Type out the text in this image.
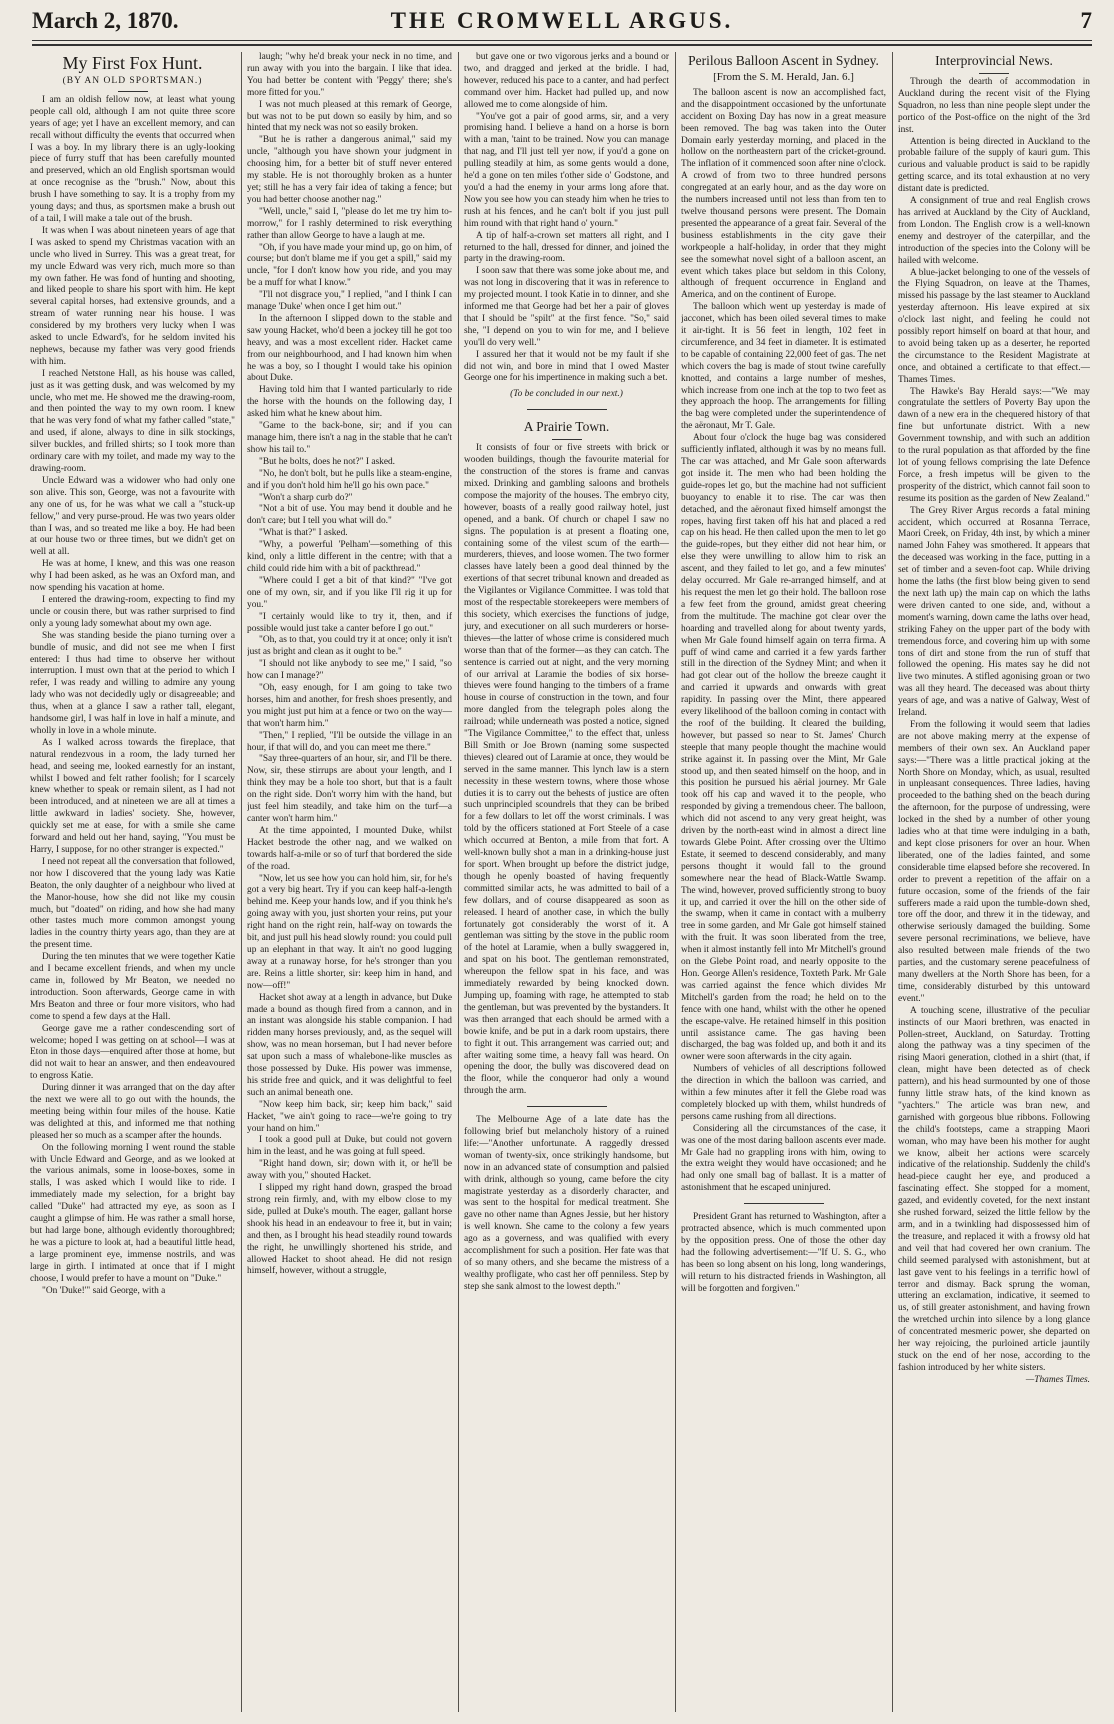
March 2, 1870.	THE CROMWELL ARGUS.	7
My First Fox Hunt.

(BY AN OLD SPORTSMAN.)

I am an oldish fellow now, at least what young people call old, although I am not quite three score years of age; yet I have an excellent memory, and can recall without difficulty the events that occurred when I was a boy. In my library there is an ugly-looking piece of furry stuff that has been carefully mounted and preserved, which an old English sportsman would at once recognise as the "brush." Now, about this brush I have something to say. It is a trophy from my young days; and thus, as sportsmen make a brush out of a tail, I will make a tale out of the brush.

It was when I was about nineteen years of age that I was asked to spend my Christmas vacation with an uncle who lived in Surrey. This was a great treat, for my uncle Edward was very rich, much more so than my own father. He was fond of hunting and shooting, and liked people to share his sport with him. He kept several capital horses, had extensive grounds, and a stream of water running near his house. I was considered by my brothers very lucky when I was asked to uncle Edward's, for he seldom invited his nephews, because my father was very good friends with him.

I reached Netstone Hall, as his house was called, just as it was getting dusk, and was welcomed by my uncle, who met me. He showed me the drawing-room, and then pointed the way to my own room. I knew that he was very fond of what my father called "state," and used, if alone, always to dine in silk stockings, silver buckles, and frilled shirts; so I took more than ordinary care with my toilet, and made my way to the drawing-room.

Uncle Edward was a widower who had only one son alive. This son, George, was not a favourite with any one of us, for he was what we call a "stuck-up fellow," and very purse-proud. He was two years older than I was, and so treated me like a boy. He had been at our house two or three times, but we didn't get on well at all.

He was at home, I knew, and this was one reason why I had been asked, as he was an Oxford man, and now spending his vacation at home.

I entered the drawing-room, expecting to find my uncle or cousin there, but was rather surprised to find only a young lady somewhat about my own age.

She was standing beside the piano turning over a bundle of music, and did not see me when I first entered: I thus had time to observe her without interruption. I must own that at the period to which I refer, I was ready and willing to admire any young lady who was not decidedly ugly or disagreeable; and thus, when at a glance I saw a rather tall, elegant, handsome girl, I was half in love in half a minute, and wholly in love in a whole minute.

As I walked across towards the fireplace, that natural rendezvous in a room, the lady turned her head, and seeing me, looked earnestly for an instant, whilst I bowed and felt rather foolish; for I scarcely knew whether to speak or remain silent, as I had not been introduced, and at nineteen we are all at times a little awkward in ladies' society. She, however, quickly set me at ease, for with a smile she came forward and held out her hand, saying, "You must be Harry, I suppose, for no other stranger is expected."

I need not repeat all the conversation that followed, nor how I discovered that the young lady was Katie Beaton, the only daughter of a neighbour who lived at the Manor-house, how she did not like my cousin much, but "doated" on riding, and how she had many other tastes much more common amongst young ladies in the country thirty years ago, than they are at the present time.

During the ten minutes that we were together Katie and I became excellent friends, and when my uncle came in, followed by Mr Beaton, we needed no introduction. Soon afterwards, George came in with Mrs Beaton and three or four more visitors, who had come to spend a few days at the Hall.

George gave me a rather condescending sort of welcome; hoped I was getting on at school—I was at Eton in those days—enquired after those at home, but did not wait to hear an answer, and then endeavoured to engross Katie.

During dinner it was arranged that on the day after the next we were all to go out with the hounds, the meeting being within four miles of the house. Katie was delighted at this, and informed me that nothing pleased her so much as a scamper after the hounds.

On the following morning I went round the stable with Uncle Edward and George, and as we looked at the various animals, some in loose-boxes, some in stalls, I was asked which I would like to ride. I immediately made my selection, for a bright bay called "Duke" had attracted my eye, as soon as I caught a glimpse of him. He was rather a small horse, but had large bone, although evidently thoroughbred; he was a picture to look at, had a beautiful little head, a large prominent eye, immense nostrils, and was large in girth. I intimated at once that if I might choose, I would prefer to have a mount on "Duke."

"On 'Duke!'" said George, with a

laugh; "why he'd break your neck in no time, and run away with you into the bargain. I like that idea. You had better be content with 'Peggy' there; she's more fitted for you."

I was not much pleased at this remark of George, but was not to be put down so easily by him, and so hinted that my neck was not so easily broken.

"But he is rather a dangerous animal," said my uncle, "although you have shown your judgment in choosing him, for a better bit of stuff never entered my stable. He is not thoroughly broken as a hunter yet; still he has a very fair idea of taking a fence; but you had better choose another nag."

"Well, uncle," said I, "please do let me try him to-morrow," for I rashly determined to risk everything rather than allow George to have a laugh at me.

"Oh, if you have made your mind up, go on him, of course; but don't blame me if you get a spill," said my uncle, "for I don't know how you ride, and you may be a muff for what I know."

"I'll not disgrace you," I replied, "and I think I can manage 'Duke' when once I get him out."

In the afternoon I slipped down to the stable and saw young Hacket, who'd been a jockey till he got too heavy, and was a most excellent rider. Hacket came from our neighbourhood, and I had known him when he was a boy, so I thought I would take his opinion about Duke.

Having told him that I wanted particularly to ride the horse with the hounds on the following day, I asked him what he knew about him.

"Game to the back-bone, sir; and if you can manage him, there isn't a nag in the stable that he can't show his tail to."

"But he bolts, does he not?" I asked.

"No, he don't bolt, but he pulls like a steam-engine, and if you don't hold him he'll go his own pace."

"Won't a sharp curb do?"

"Not a bit of use. You may bend it double and he don't care; but I tell you what will do."

"What is that?" I asked.

"Why, a powerful 'Pelham'—something of this kind, only a little different in the centre; with that a child could ride him with a bit of packthread."

"Where could I get a bit of that kind?" "I've got one of my own, sir, and if you like I'll rig it up for you."

"I certainly would like to try it, then, and if possible would just take a canter before I go out."

"Oh, as to that, you could try it at once; only it isn't just as bright and clean as it ought to be."

"I should not like anybody to see me," I said, "so how can I manage?"

"Oh, easy enough, for I am going to take two horses, him and another, for fresh shoes presently, and you might just put him at a fence or two on the way—that won't harm him."

"Then," I replied, "I'll be outside the village in an hour, if that will do, and you can meet me there."

"Say three-quarters of an hour, sir, and I'll be there. Now, sir, these stirrups are about your length, and I think they may be a hole too short, but that is a fault on the right side. Don't worry him with the hand, but just feel him steadily, and take him on the turf—a canter won't harm him."

At the time appointed, I mounted Duke, whilst Hacket bestrode the other nag, and we walked on towards half-a-mile or so of turf that bordered the side of the road.

"Now, let us see how you can hold him, sir, for he's got a very big heart. Try if you can keep half-a-length behind me. Keep your hands low, and if you think he's going away with you, just shorten your reins, put your right hand on the right rein, half-way on towards the bit, and just pull his head slowly round: you could pull up an elephant in that way. It ain't no good lugging away at a runaway horse, for he's stronger than you are. Reins a little shorter, sir: keep him in hand, and now—off!"

Hacket shot away at a length in advance, but Duke made a bound as though fired from a cannon, and in an instant was alongside his stable companion. I had ridden many horses previously, and, as the sequel will show, was no mean horseman, but I had never before sat upon such a mass of whalebone-like muscles as those possessed by Duke. His power was immense, his stride free and quick, and it was delightful to feel such an animal beneath one.

"Now keep him back, sir; keep him back," said Hacket, "we ain't going to race—we're going to try your hand on him."

I took a good pull at Duke, but could not govern him in the least, and he was going at full speed.

"Right hand down, sir; down with it, or he'll be away with you," shouted Hacket.

I slipped my right hand down, grasped the broad strong rein firmly, and, with my elbow close to my side, pulled at Duke's mouth. The eager, gallant horse shook his head in an endeavour to free it, but in vain; and then, as I brought his head steadily round towards the right, he unwillingly shortened his stride, and allowed Hacket to shoot ahead. He did not resign himself, however, without a struggle,

but gave one or two vigorous jerks and a bound or two, and dragged and jerked at the bridle. I had, however, reduced his pace to a canter, and had perfect command over him. Hacket had pulled up, and now allowed me to come alongside of him.

"You've got a pair of good arms, sir, and a very promising hand. I believe a hand on a horse is born with a man, 'taint to be trained. Now you can manage that nag, and I'll just tell yer now, if you'd a gone on pulling steadily at him, as some gents would a done, he'd a gone on ten miles t'other side o' Godstone, and you'd a had the enemy in your arms long afore that. Now you see how you can steady him when he tries to rush at his fences, and he can't bolt if you just pull him round with that right hand o' yourn."

A tip of half-a-crown set matters all right, and I returned to the hall, dressed for dinner, and joined the party in the drawing-room.

I soon saw that there was some joke about me, and was not long in discovering that it was in reference to my projected mount. I took Katie in to dinner, and she informed me that George had bet her a pair of gloves that I should be "spilt" at the first fence. "So," said she, "I depend on you to win for me, and I believe you'll do very well."

I assured her that it would not be my fault if she did not win, and bore in mind that I owed Master George one for his impertinence in making such a bet.

(To be concluded in our next.)

A Prairie Town.

It consists of four or five streets with brick or wooden buildings, though the favourite material for the construction of the stores is frame and canvas mixed. Drinking and gambling saloons and brothels compose the majority of the houses. The embryo city, however, boasts of a really good railway hotel, just opened, and a bank. Of church or chapel I saw no signs. The population is at present a floating one, containing some of the vilest scum of the earth—murderers, thieves, and loose women. The two former classes have lately been a good deal thinned by the exertions of that secret tribunal known and dreaded as the Vigilantes or Vigilance Committee. I was told that most of the respectable storekeepers were members of this society, which exercises the functions of judge, jury, and executioner on all such murderers or horse-thieves—the latter of whose crime is considered much worse than that of the former—as they can catch. The sentence is carried out at night, and the very morning of our arrival at Laramie the bodies of six horse-thieves were found hanging to the timbers of a frame house in course of construction in the town, and four more dangled from the telegraph poles along the railroad; while underneath was posted a notice, signed "The Vigilance Committee," to the effect that, unless Bill Smith or Joe Brown (naming some suspected thieves) cleared out of Laramie at once, they would be served in the same manner. This lynch law is a stern necessity in these western towns, where those whose duties it is to carry out the behests of justice are often such unprincipled scoundrels that they can be bribed for a few dollars to let off the worst criminals. I was told by the officers stationed at Fort Steele of a case which occurred at Benton, a mile from that fort. A well-known bully shot a man in a drinking-house just for sport. When brought up before the district judge, though he openly boasted of having frequently committed similar acts, he was admitted to bail of a few dollars, and of course disappeared as soon as released. I heard of another case, in which the bully fortunately got considerably the worst of it. A gentleman was sitting by the stove in the public room of the hotel at Laramie, when a bully swaggered in, and spat on his boot. The gentleman remonstrated, whereupon the fellow spat in his face, and was immediately rewarded by being knocked down. Jumping up, foaming with rage, he attempted to stab the gentleman, but was prevented by the bystanders. It was then arranged that each should be armed with a bowie knife, and be put in a dark room upstairs, there to fight it out. This arrangement was carried out; and after waiting some time, a heavy fall was heard. On opening the door, the bully was discovered dead on the floor, while the conqueror had only a wound through the arm.

The Melbourne Age of a late date has the following brief but melancholy history of a ruined life:—"Another unfortunate. A raggedly dressed woman of twenty-six, once strikingly handsome, but now in an advanced state of consumption and palsied with drink, although so young, came before the city magistrate yesterday as a disorderly character, and was sent to the hospital for medical treatment. She gave no other name than Agnes Jessie, but her history is well known. She came to the colony a few years ago as a governess, and was qualified with every accomplishment for such a position. Her fate was that of so many others, and she became the mistress of a wealthy profligate, who cast her off penniless. Step by step she sank almost to the lowest depth."

Perilous Balloon Ascent in Sydney.

[From the S. M. Herald, Jan. 6.]

The balloon ascent is now an accomplished fact, and the disappointment occasioned by the unfortunate accident on Boxing Day has now in a great measure been removed. The bag was taken into the Outer Domain early yesterday morning, and placed in the hollow on the northeastern part of the cricket-ground. The inflation of it commenced soon after nine o'clock. A crowd of from two to three hundred persons congregated at an early hour, and as the day wore on the numbers increased until not less than from ten to twelve thousand persons were present. The Domain presented the appearance of a great fair. Several of the business establishments in the city gave their workpeople a half-holiday, in order that they might see the somewhat novel sight of a balloon ascent, an event which takes place but seldom in this Colony, although of frequent occurrence in England and America, and on the continent of Europe.

The balloon which went up yesterday is made of jacconet, which has been oiled several times to make it air-tight. It is 56 feet in length, 102 feet in circumference, and 34 feet in diameter. It is estimated to be capable of containing 22,000 feet of gas. The net which covers the bag is made of stout twine carefully knotted, and contains a large number of meshes, which increase from one inch at the top to two feet as they approach the hoop. The arrangements for filling the bag were completed under the superintendence of the aëronaut, Mr T. Gale.

About four o'clock the huge bag was considered sufficiently inflated, although it was by no means full. The car was attached, and Mr Gale soon afterwards got inside it. The men who had been holding the guide-ropes let go, but the machine had not sufficient buoyancy to enable it to rise. The car was then detached, and the aëronaut fixed himself amongst the ropes, having first taken off his hat and placed a red cap on his head. He then called upon the men to let go the guide-ropes, but they either did not hear him, or else they were unwilling to allow him to risk an ascent, and they failed to let go, and a few minutes' delay occurred. Mr Gale re-arranged himself, and at his request the men let go their hold. The balloon rose a few feet from the ground, amidst great cheering from the multitude. The machine got clear over the hoarding and travelled along for about twenty yards, when Mr Gale found himself again on terra firma. A puff of wind came and carried it a few yards farther still in the direction of the Sydney Mint; and when it had got clear out of the hollow the breeze caught it and carried it upwards and onwards with great rapidity. In passing over the Mint, there appeared every likelihood of the balloon coming in contact with the roof of the building. It cleared the building, however, but passed so near to St. James' Church steeple that many people thought the machine would strike against it. In passing over the Mint, Mr Gale stood up, and then seated himself on the hoop, and in this position he pursued his aërial journey. Mr Gale took off his cap and waved it to the people, who responded by giving a tremendous cheer. The balloon, which did not ascend to any very great height, was driven by the north-east wind in almost a direct line towards Glebe Point. After crossing over the Ultimo Estate, it seemed to descend considerably, and many persons thought it would fall to the ground somewhere near the head of Black-Wattle Swamp. The wind, however, proved sufficiently strong to buoy it up, and carried it over the hill on the other side of the swamp, when it came in contact with a mulberry tree in some garden, and Mr Gale got himself stained with the fruit. It was soon liberated from the tree, when it almost instantly fell into Mr Mitchell's ground on the Glebe Point road, and nearly opposite to the Hon. George Allen's residence, Toxteth Park. Mr Gale was carried against the fence which divides Mr Mitchell's garden from the road; he held on to the fence with one hand, whilst with the other he opened the escape-valve. He retained himself in this position until assistance came. The gas having been discharged, the bag was folded up, and both it and its owner were soon afterwards in the city again.

Numbers of vehicles of all descriptions followed the direction in which the balloon was carried, and within a few minutes after it fell the Glebe road was completely blocked up with them, whilst hundreds of persons came rushing from all directions.

Considering all the circumstances of the case, it was one of the most daring balloon ascents ever made. Mr Gale had no grappling irons with him, owing to the extra weight they would have occasioned; and he had only one small bag of ballast. It is a matter of astonishment that he escaped uninjured.

President Grant has returned to Washington, after a protracted absence, which is much commented upon by the opposition press. One of those the other day had the following advertisement:—"If U. S. G., who has been so long absent on his long, long wanderings, will return to his distracted friends in Washington, all will be forgotten and forgiven."

Interprovincial News.

Through the dearth of accommodation in Auckland during the recent visit of the Flying Squadron, no less than nine people slept under the portico of the Post-office on the night of the 3rd inst.

Attention is being directed in Auckland to the probable failure of the supply of kauri gum. This curious and valuable product is said to be rapidly getting scarce, and its total exhaustion at no very distant date is predicted.

A consignment of true and real English crows has arrived at Auckland by the City of Auckland, from London. The English crow is a well-known enemy and destroyer of the caterpillar, and the introduction of the species into the Colony will be hailed with welcome.

A blue-jacket belonging to one of the vessels of the Flying Squadron, on leave at the Thames, missed his passage by the last steamer to Auckland yesterday afternoon. His leave expired at six o'clock last night, and feeling he could not possibly report himself on board at that hour, and to avoid being taken up as a deserter, he reported the circumstance to the Resident Magistrate at once, and obtained a certificate to that effect.—Thames Times.

The Hawke's Bay Herald says:—"We may congratulate the settlers of Poverty Bay upon the dawn of a new era in the chequered history of that fine but unfortunate district. With a new Government township, and with such an addition to the rural population as that afforded by the fine lot of young fellows comprising the late Defence Force, a fresh impetus will be given to the prosperity of the district, which cannot fail soon to resume its position as the garden of New Zealand."

The Grey River Argus records a fatal mining accident, which occurred at Rosanna Terrace, Maori Creek, on Friday, 4th inst, by which a miner named John Fahey was smothered. It appears that the deceased was working in the face, putting in a set of timber and a seven-foot cap. While driving home the laths (the first blow being given to send the next lath up) the main cap on which the laths were driven canted to one side, and, without a moment's warning, down came the laths over head, striking Fahey on the upper part of the body with tremendous force, and covering him up with some tons of dirt and stone from the run of stuff that followed the opening. His mates say he did not live two minutes. A stifled agonising groan or two was all they heard. The deceased was about thirty years of age, and was a native of Galway, West of Ireland.

From the following it would seem that ladies are not above making merry at the expense of members of their own sex. An Auckland paper says:—"There was a little practical joking at the North Shore on Monday, which, as usual, resulted in unpleasant consequences. Three ladies, having proceeded to the bathing shed on the beach during the afternoon, for the purpose of undressing, were locked in the shed by a number of other young ladies who at that time were indulging in a bath, and kept close prisoners for over an hour. When liberated, one of the ladies fainted, and some considerable time elapsed before she recovered. In order to prevent a repetition of the affair on a future occasion, some of the friends of the fair sufferers made a raid upon the tumble-down shed, tore off the door, and threw it in the tideway, and otherwise seriously damaged the building. Some severe personal recriminations, we believe, have also resulted between male friends of the two parties, and the customary serene peacefulness of many dwellers at the North Shore has been, for a time, considerably disturbed by this untoward event."

A touching scene, illustrative of the peculiar instincts of our Maori brethren, was enacted in Pollen-street, Auckland, on Saturday. Trotting along the pathway was a tiny specimen of the rising Maori generation, clothed in a shirt (that, if clean, might have been detected as of check pattern), and his head surmounted by one of those funny little straw hats, of the kind known as "yachters." The article was bran new, and garnished with gorgeous blue ribbons. Following the child's footsteps, came a strapping Maori woman, who may have been his mother for aught we know, albeit her actions were scarcely indicative of the relationship. Suddenly the child's head-piece caught her eye, and produced a fascinating effect. She stopped for a moment, gazed, and evidently coveted, for the next instant she rushed forward, seized the little fellow by the arm, and in a twinkling had dispossessed him of the treasure, and replaced it with a frowsy old hat and veil that had covered her own cranium. The child seemed paralysed with astonishment, but at last gave vent to his feelings in a terrific howl of terror and dismay. Back sprung the woman, uttering an exclamation, indicative, it seemed to us, of still greater astonishment, and having frown the wretched urchin into silence by a long glance of concentrated mesmeric power, she departed on her way rejoicing, the purloined article jauntily stuck on the end of her nose, according to the fashion introduced by her white sisters.

—Thames Times.
